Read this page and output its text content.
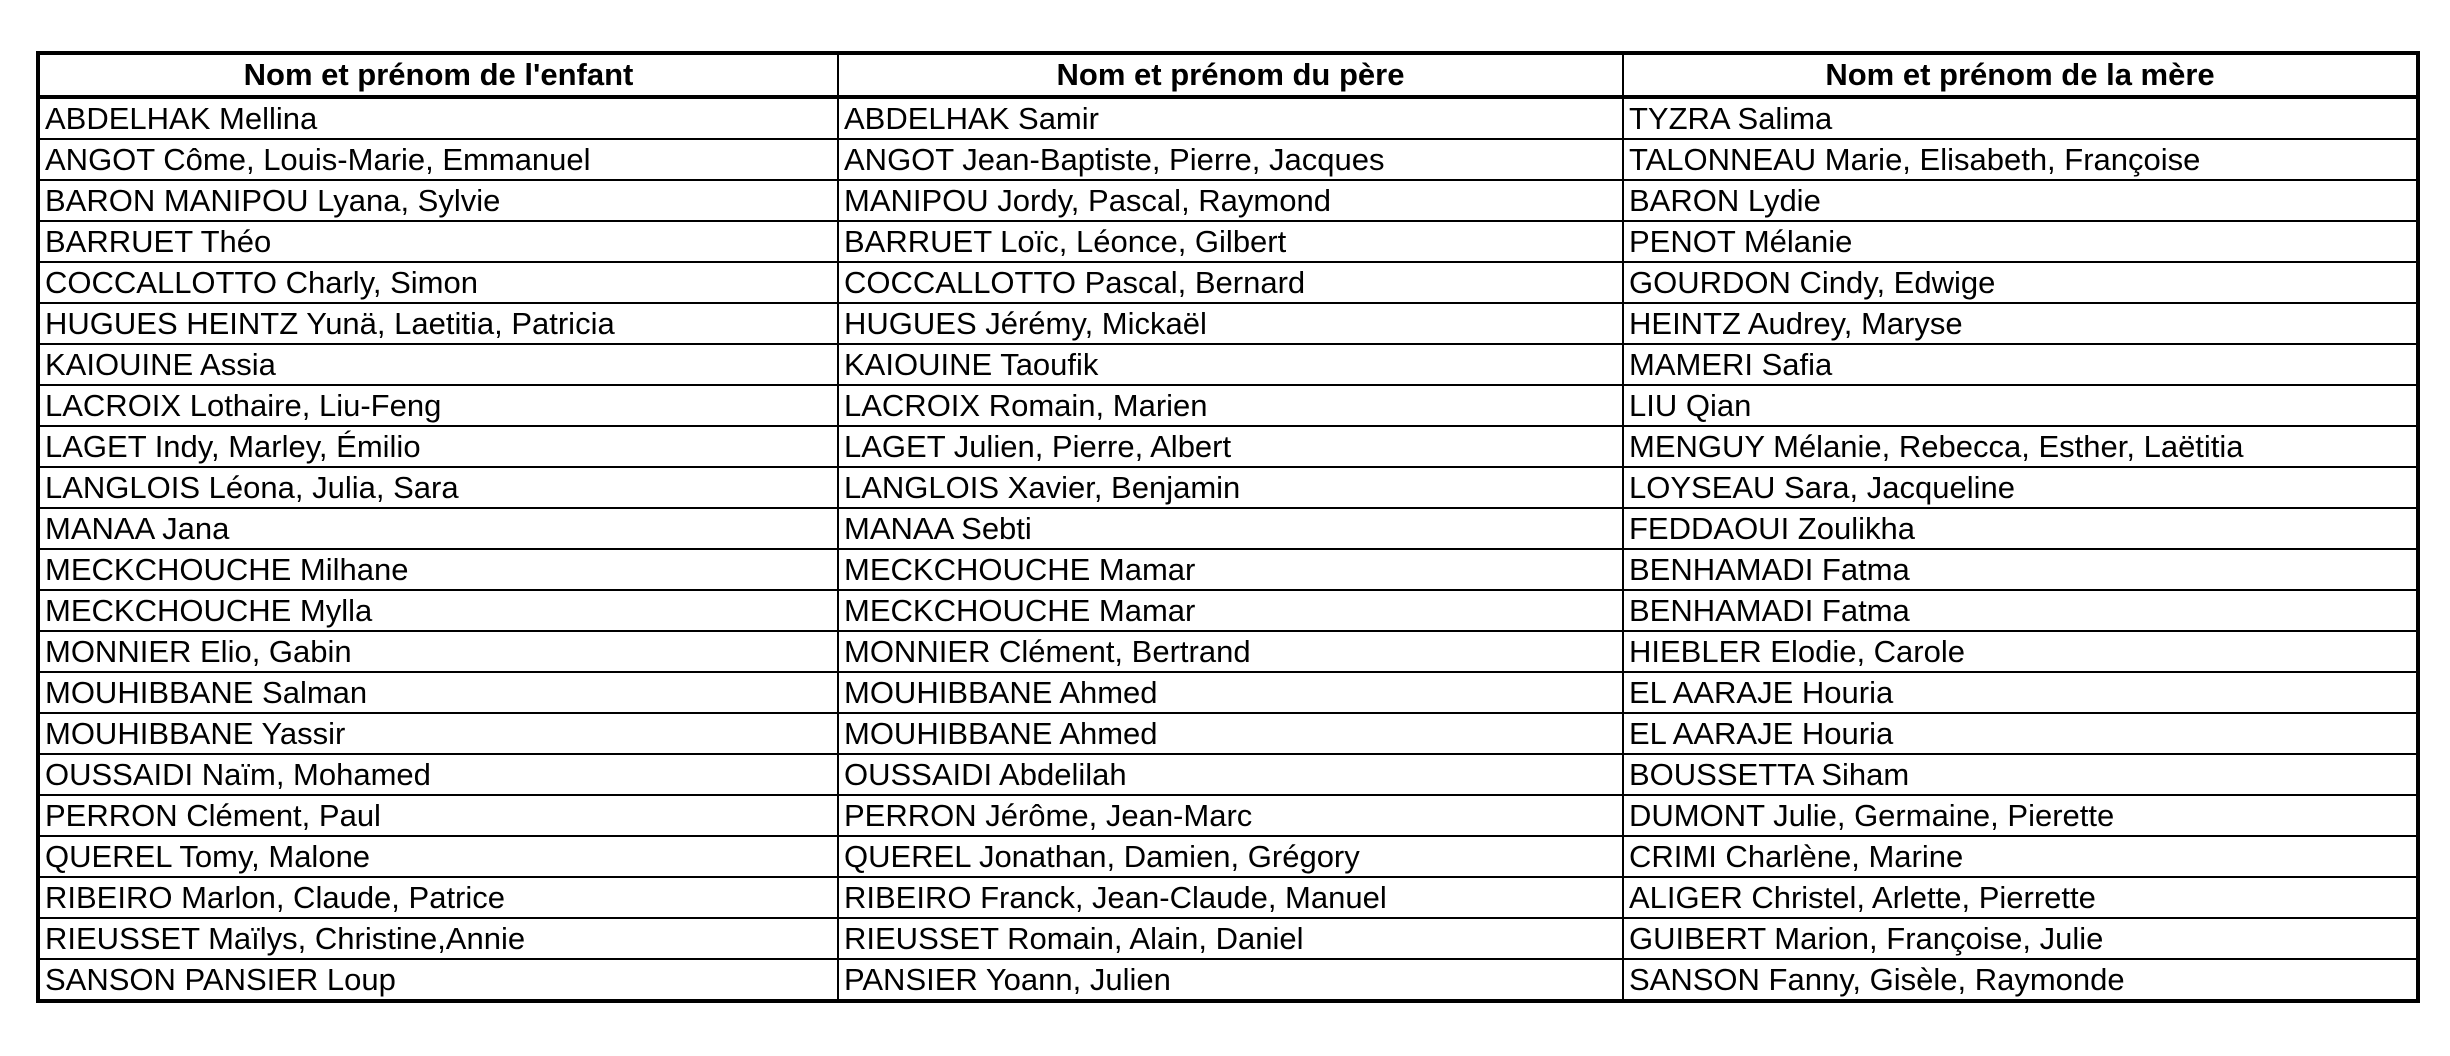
Nom et prénom de l'enfant	Nom et prénom du père	Nom et prénom de la mère
ABDELHAK Mellina	ABDELHAK Samir	TYZRA Salima
ANGOT Côme, Louis-Marie, Emmanuel	ANGOT Jean-Baptiste, Pierre, Jacques	TALONNEAU Marie, Elisabeth, Françoise
BARON MANIPOU Lyana, Sylvie	MANIPOU Jordy, Pascal, Raymond	BARON Lydie
BARRUET Théo	BARRUET Loïc, Léonce, Gilbert	PENOT Mélanie
COCCALLOTTO Charly, Simon	COCCALLOTTO Pascal, Bernard	GOURDON Cindy, Edwige
HUGUES HEINTZ Yunä, Laetitia, Patricia	HUGUES Jérémy, Mickaël	HEINTZ Audrey, Maryse
KAIOUINE Assia	KAIOUINE Taoufik	MAMERI Safia
LACROIX Lothaire, Liu-Feng	LACROIX Romain, Marien	LIU Qian
LAGET Indy, Marley, Émilio	LAGET Julien, Pierre, Albert	MENGUY Mélanie, Rebecca, Esther, Laëtitia
LANGLOIS Léona, Julia, Sara	LANGLOIS Xavier, Benjamin	LOYSEAU Sara, Jacqueline
MANAA Jana	MANAA Sebti	FEDDAOUI Zoulikha
MECKCHOUCHE Milhane	MECKCHOUCHE Mamar	BENHAMADI Fatma
MECKCHOUCHE Mylla	MECKCHOUCHE Mamar	BENHAMADI Fatma
MONNIER Elio, Gabin	MONNIER Clément, Bertrand	HIEBLER Elodie, Carole
MOUHIBBANE Salman	MOUHIBBANE Ahmed	EL AARAJE Houria
MOUHIBBANE Yassir	MOUHIBBANE Ahmed	EL AARAJE Houria
OUSSAIDI Naïm, Mohamed	OUSSAIDI Abdelilah	BOUSSETTA Siham
PERRON Clément, Paul	PERRON Jérôme, Jean-Marc	DUMONT Julie, Germaine, Pierette
QUEREL Tomy, Malone	QUEREL Jonathan, Damien, Grégory	CRIMI Charlène, Marine
RIBEIRO Marlon, Claude, Patrice	RIBEIRO Franck, Jean-Claude, Manuel	ALIGER Christel, Arlette, Pierrette
RIEUSSET Maïlys, Christine,Annie	RIEUSSET Romain, Alain, Daniel	GUIBERT Marion, Françoise, Julie
SANSON PANSIER Loup	PANSIER Yoann, Julien	SANSON Fanny, Gisèle, Raymonde
